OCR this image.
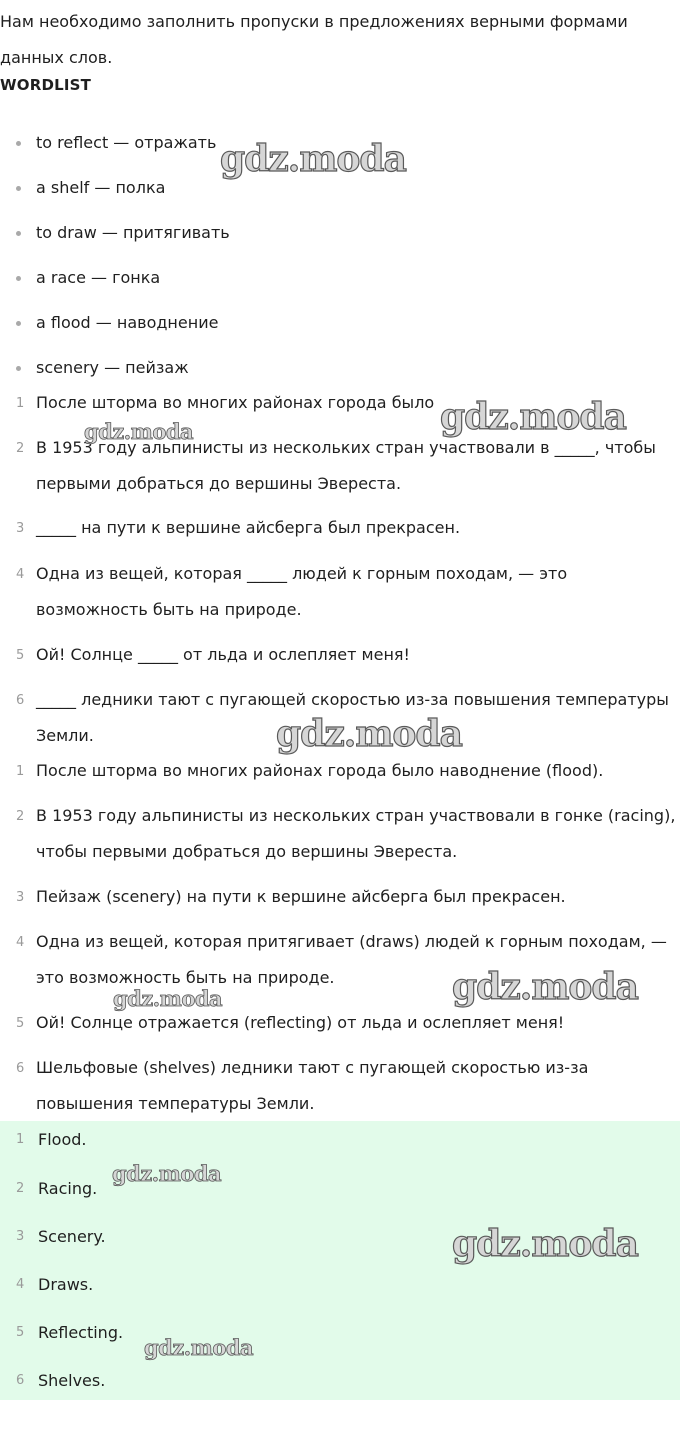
Нам необходимо заполнить пропуски в предложениях верными формами данных слов.

WORDLIST

to reflect — отражать
a shelf — полка
to draw — притягивать
a race — гонка
a flood — наводнение
scenery — пейзаж
1 После шторма во многих районах города было
2 В 1953 году альпинисты из нескольких стран участвовали в _____, чтобы первыми добраться до вершины Эвереста.
3 _____ на пути к вершине айсберга был прекрасен.
4 Одна из вещей, которая _____ людей к горным походам, — это возможность быть на природе.
5 Ой! Солнце _____ от льда и ослепляет меня!
6 _____ ледники тают с пугающей скоростью из-за повышения температуры Земли.
1 После шторма во многих районах города было наводнение (flood).
2 В 1953 году альпинисты из нескольких стран участвовали в гонке (racing), чтобы первыми добраться до вершины Эвереста.
3 Пейзаж (scenery) на пути к вершине айсберга был прекрасен.
4 Одна из вещей, которая притягивает (draws) людей к горным походам, — это возможность быть на природе.
5 Ой! Солнце отражается (reflecting) от льда и ослепляет меня!
6 Шельфовые (shelves) ледники тают с пугающей скоростью из-за повышения температуры Земли.
1 Flood.
2 Racing.
3 Scenery.
4 Draws.
5 Reflecting.
6 Shelves.
gdz.moda
gdz.moda
gdz.moda
gdz.moda
gdz.moda	gdz.moda
gdz.moda
gdz.moda
gdz.moda
